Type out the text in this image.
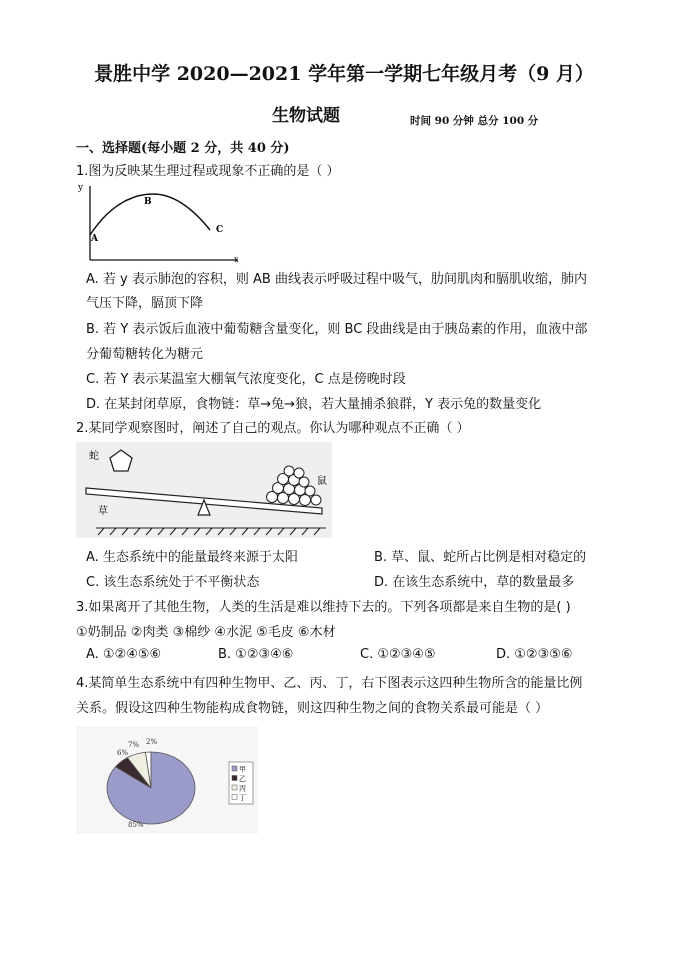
景胜中学 2020—2021 学年第一学期七年级月考（9 月）
生物试题	时间 90 分钟 总分 100 分
一、选择题(每小题 2 分，共 40 分)
1.图为反映某生理过程或现象不正确的是（ ）
y
x
A
B
C
A. 若 y 表示肺泡的容积，则 AB 曲线表示呼吸过程中吸气，肋间肌肉和膈肌收缩，肺内
气压下降，膈顶下降
B. 若 Y 表示饭后血液中葡萄糖含量变化，则 BC 段曲线是由于胰岛素的作用，血液中部
分葡萄糖转化为糖元
C. 若 Y 表示某温室大棚氧气浓度变化，C 点是傍晚时段
D. 在某封闭草原，食物链：草→兔→狼，若大量捕杀狼群，Y 表示兔的数量变化
2.某同学观察图时，阐述了自己的观点。你认为哪种观点不正确（ ）
蛇
鼠
草
A. 生态系统中的能量最终来源于太阳	B. 草、鼠、蛇所占比例是相对稳定的
C. 该生态系统处于不平衡状态	D. 在该生态系统中，草的数量最多
3.如果离开了其他生物，人类的生活是难以维持下去的。下列各项都是来自生物的是( )
①奶制品 ②肉类 ③棉纱 ④水泥 ⑤毛皮 ⑥木材
A. ①②④⑤⑥	B. ①②③④⑥	C. ①②③④⑤	D. ①②③⑤⑥
4.某简单生态系统中有四种生物甲、乙、丙、丁，右下图表示这四种生物所含的能量比例
关系。假设这四种生物能构成食物链，则这四种生物之间的食物关系最可能是（ ）
85%
6%
7% 2%
甲
乙
丙
丁
